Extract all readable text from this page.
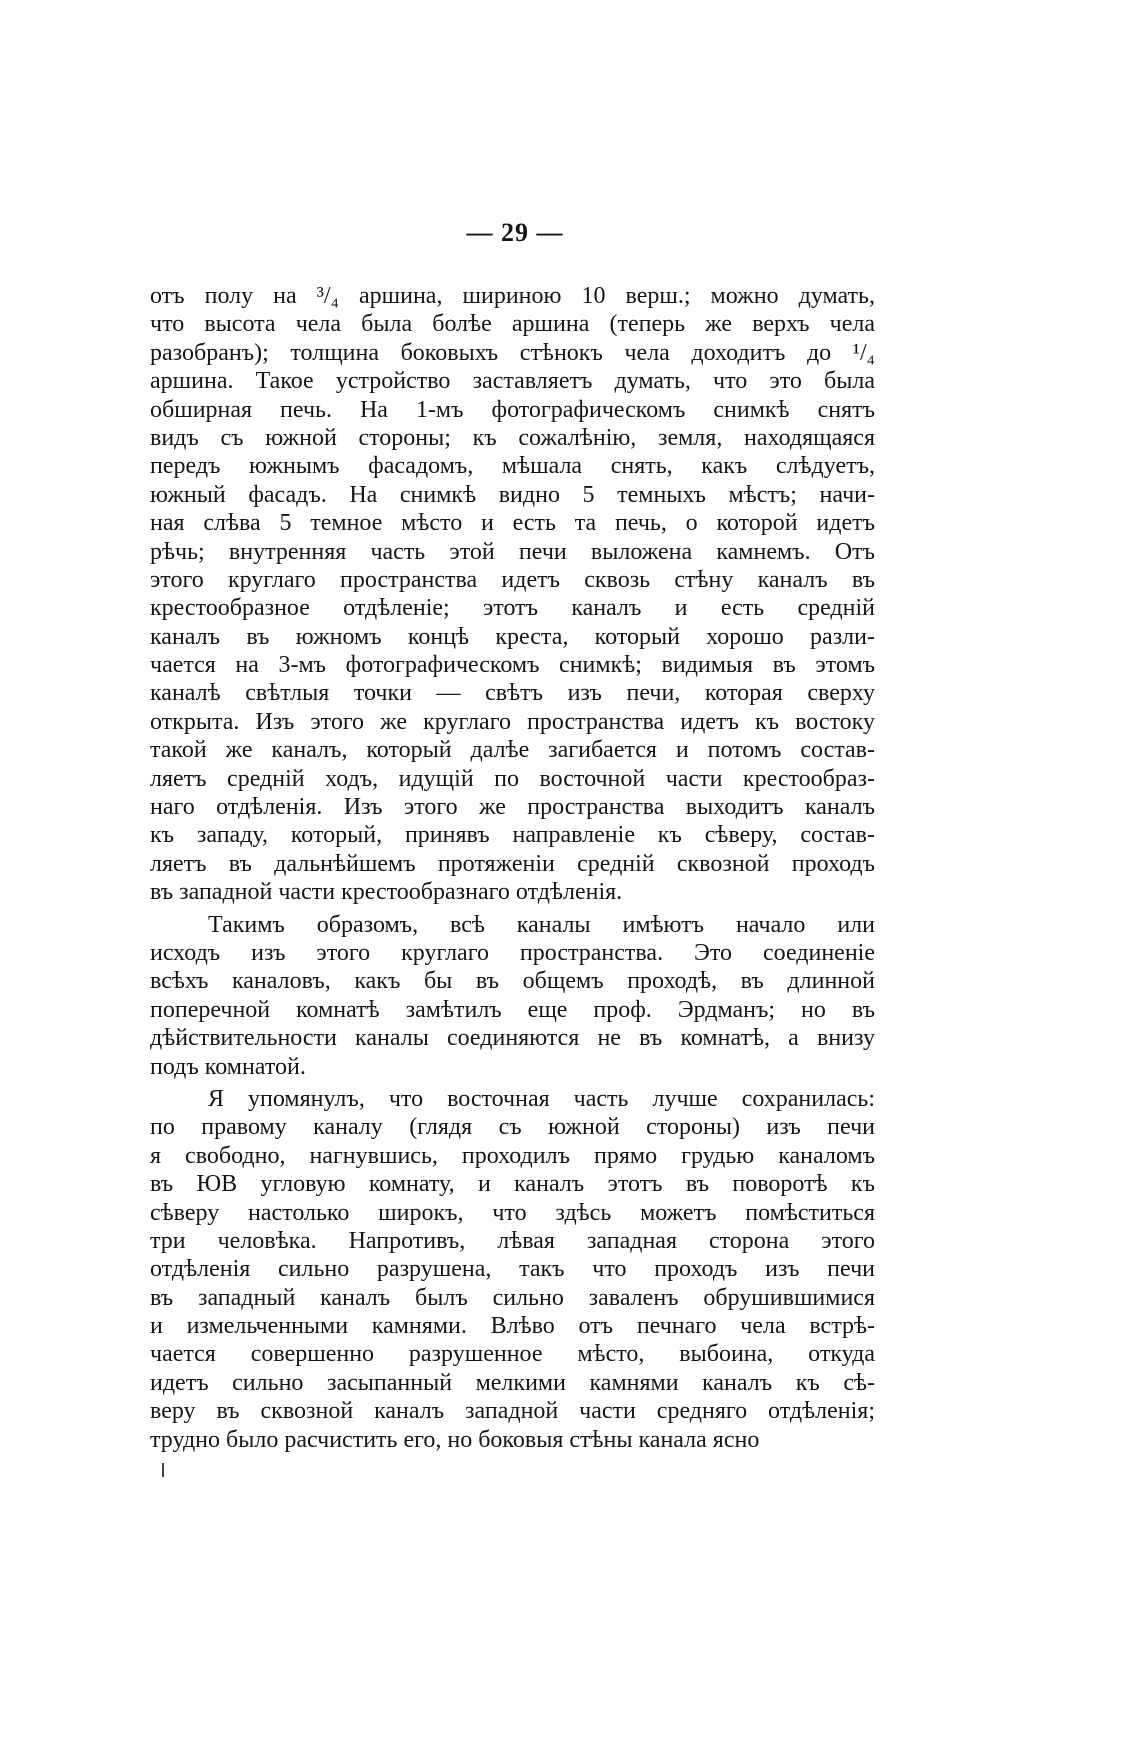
— 29 —
отъ полу на ³/₄ аршина, шириною 10 верш.; можно думать,
что высота чела была болѣе аршина (теперь же верхъ чела
разобранъ); толщина боковыхъ стѣнокъ чела доходитъ до ¹/₄
аршина. Такое устройство заставляетъ думать, что это была
обширная печь. На 1-мъ фотографическомъ снимкѣ снятъ
видъ съ южной стороны; къ сожалѣнію, земля, находящаяся
передъ южнымъ фасадомъ, мѣшала снять, какъ слѣдуетъ,
южный фасадъ. На снимкѣ видно 5 темныхъ мѣстъ; начи-
ная слѣва 5 темное мѣсто и есть та печь, о которой идетъ
рѣчь; внутренняя часть этой печи выложена камнемъ. Отъ
этого круглаго пространства идетъ сквозь стѣну каналъ въ
крестообразное отдѣленіе; этотъ каналъ и есть средній
каналъ въ южномъ концѣ креста, который хорошо разли-
чается на 3-мъ фотографическомъ снимкѣ; видимыя въ этомъ
каналѣ свѣтлыя точки — свѣтъ изъ печи, которая сверху
открыта. Изъ этого же круглаго пространства идетъ къ востоку
такой же каналъ, который далѣе загибается и потомъ состав-
ляетъ средній ходъ, идущій по восточной части крестообраз-
наго отдѣленія. Изъ этого же пространства выходитъ каналъ
къ западу, который, принявъ направленіе къ сѣверу, состав-
ляетъ въ дальнѣйшемъ протяженіи средній сквозной проходъ
въ западной части крестообразнаго отдѣленія.
Такимъ образомъ, всѣ каналы имѣютъ начало или
исходъ изъ этого круглаго пространства. Это соединеніе
всѣхъ каналовъ, какъ бы въ общемъ проходѣ, въ длинной
поперечной комнатѣ замѣтилъ еще проф. Эрдманъ; но въ
дѣйствительности каналы соединяются не въ комнатѣ, а внизу
подъ комнатой.
Я упомянулъ, что восточная часть лучше сохранилась:
по правому каналу (глядя съ южной стороны) изъ печи
я свободно, нагнувшись, проходилъ прямо грудью каналомъ
въ ЮВ угловую комнату, и каналъ этотъ въ поворотѣ къ
сѣверу настолько широкъ, что здѣсь можетъ помѣститься
три человѣка. Напротивъ, лѣвая западная сторона этого
отдѣленія сильно разрушена, такъ что проходъ изъ печи
въ западный каналъ былъ сильно заваленъ обрушившимися
и измельченными камнями. Влѣво отъ печнаго чела встрѣ-
чается совершенно разрушенное мѣсто, выбоина, откуда
идетъ сильно засыпанный мелкими камнями каналъ къ сѣ-
веру въ сквозной каналъ западной части средняго отдѣленія;
трудно было расчистить его, но боковыя стѣны канала ясно
